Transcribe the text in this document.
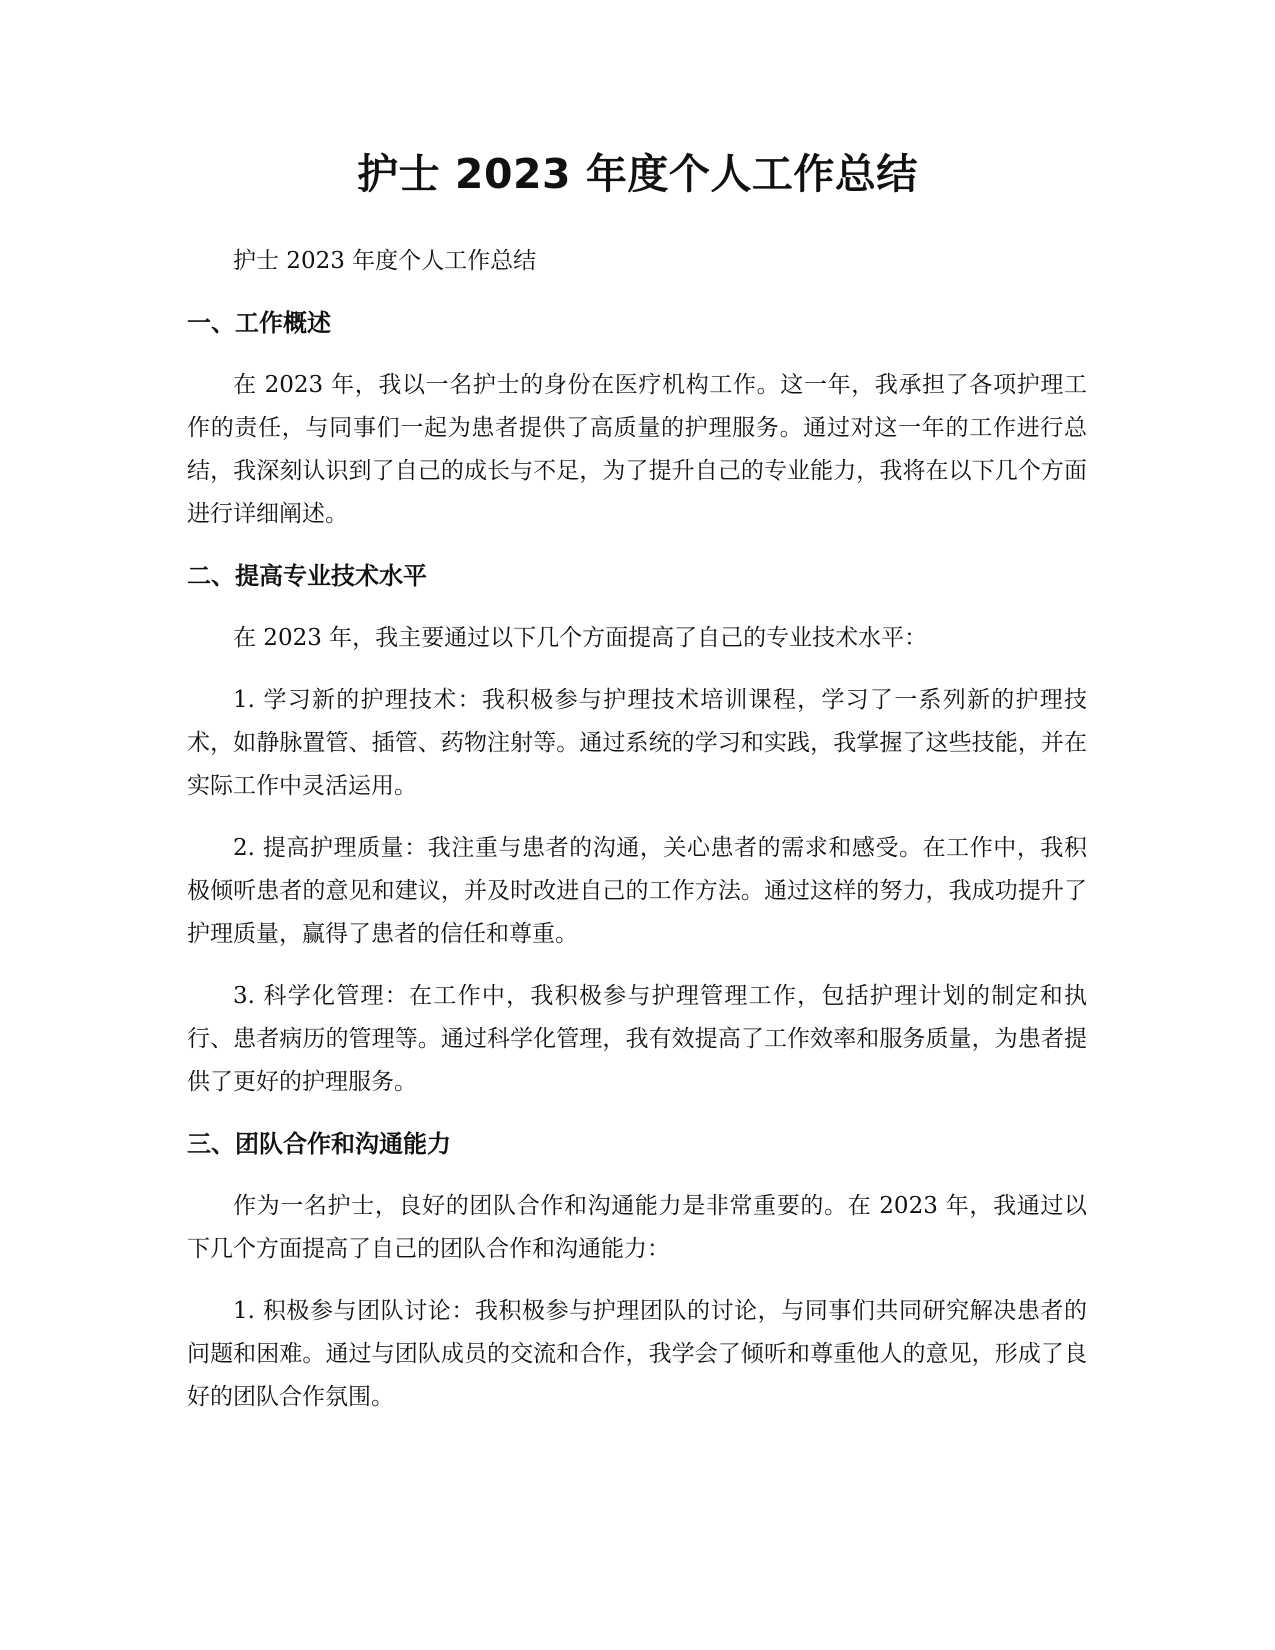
护士 2023 年度个人工作总结

护士 2023 年度个人工作总结

一、工作概述

在 2023 年，我以一名护士的身份在医疗机构工作。这一年，我承担了各项护理工作的责任，与同事们一起为患者提供了高质量的护理服务。通过对这一年的工作进行总结，我深刻认识到了自己的成长与不足，为了提升自己的专业能力，我将在以下几个方面进行详细阐述。

二、提高专业技术水平

在 2023 年，我主要通过以下几个方面提高了自己的专业技术水平：

1. 学习新的护理技术：我积极参与护理技术培训课程，学习了一系列新的护理技术，如静脉置管、插管、药物注射等。通过系统的学习和实践，我掌握了这些技能，并在实际工作中灵活运用。

2. 提高护理质量：我注重与患者的沟通，关心患者的需求和感受。在工作中，我积极倾听患者的意见和建议，并及时改进自己的工作方法。通过这样的努力，我成功提升了护理质量，赢得了患者的信任和尊重。

3. 科学化管理：在工作中，我积极参与护理管理工作，包括护理计划的制定和执行、患者病历的管理等。通过科学化管理，我有效提高了工作效率和服务质量，为患者提供了更好的护理服务。

三、团队合作和沟通能力

作为一名护士，良好的团队合作和沟通能力是非常重要的。在 2023 年，我通过以下几个方面提高了自己的团队合作和沟通能力：

1. 积极参与团队讨论：我积极参与护理团队的讨论，与同事们共同研究解决患者的问题和困难。通过与团队成员的交流和合作，我学会了倾听和尊重他人的意见，形成了良好的团队合作氛围。
